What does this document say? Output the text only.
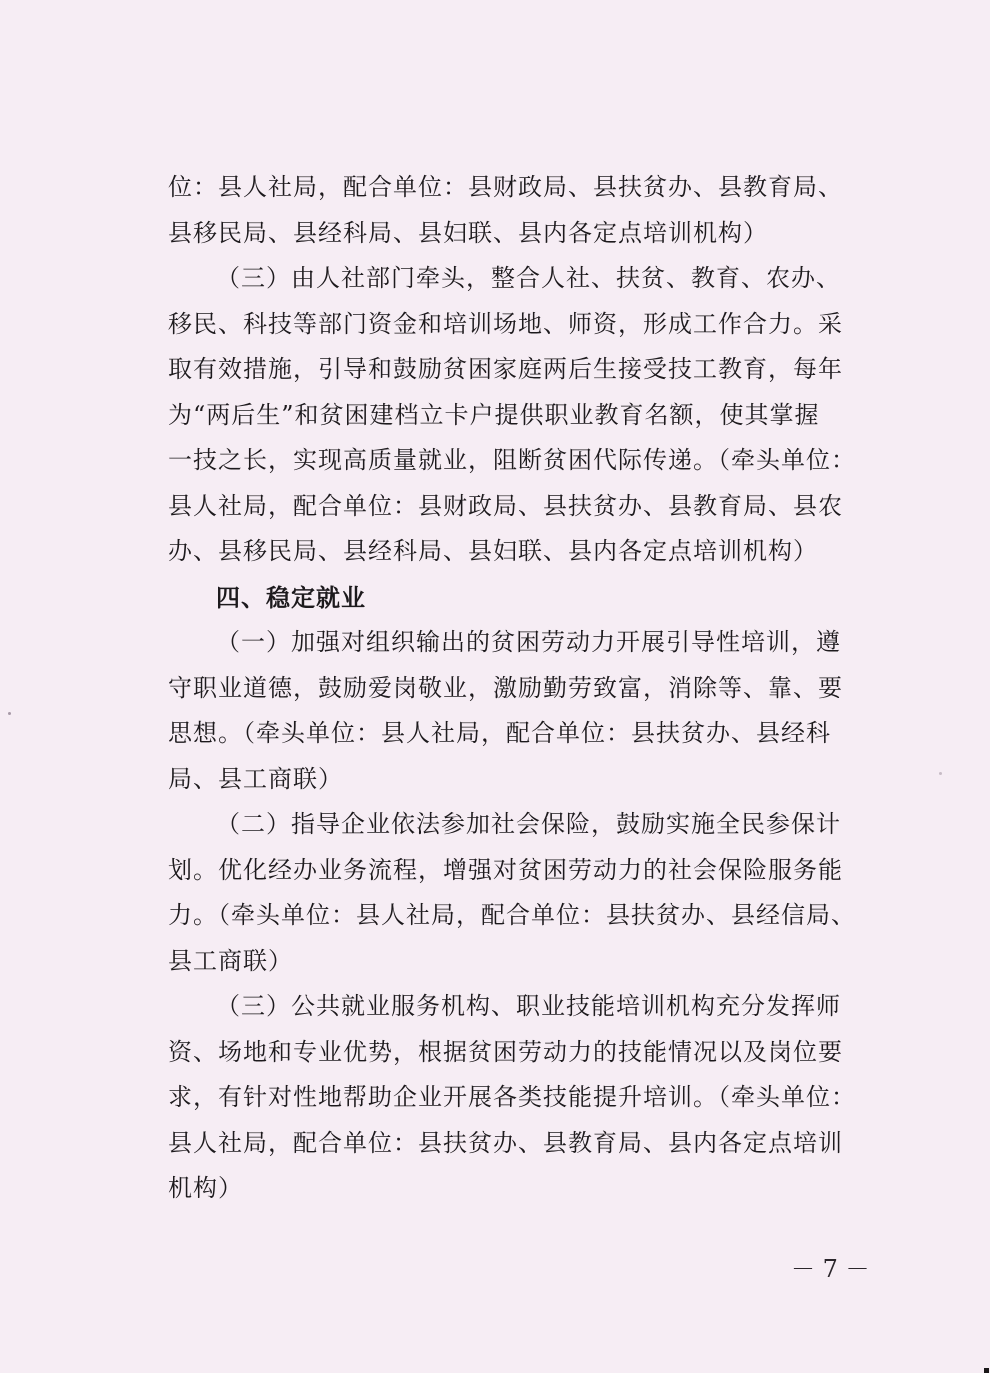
位：县人社局，配合单位：县财政局、县扶贫办、县教育局、
县移民局、县经科局、县妇联、县内各定点培训机构）

（三）由人社部门牵头，整合人社、扶贫、教育、农办、
移民、科技等部门资金和培训场地、师资，形成工作合力。采
取有效措施，引导和鼓励贫困家庭两后生接受技工教育，每年
为“两后生”和贫困建档立卡户提供职业教育名额，使其掌握
一技之长，实现高质量就业，阻断贫困代际传递。（牵头单位：
县人社局，配合单位：县财政局、县扶贫办、县教育局、县农
办、县移民局、县经科局、县妇联、县内各定点培训机构）

四、稳定就业

（一）加强对组织输出的贫困劳动力开展引导性培训，遵
守职业道德，鼓励爱岗敬业，激励勤劳致富，消除等、靠、要
思想。（牵头单位：县人社局，配合单位：县扶贫办、县经科
局、县工商联）

（二）指导企业依法参加社会保险，鼓励实施全民参保计
划。优化经办业务流程，增强对贫困劳动力的社会保险服务能
力。（牵头单位：县人社局，配合单位：县扶贫办、县经信局、
县工商联）

（三）公共就业服务机构、职业技能培训机构充分发挥师
资、场地和专业优势，根据贫困劳动力的技能情况以及岗位要
求，有针对性地帮助企业开展各类技能提升培训。（牵头单位：
县人社局，配合单位：县扶贫办、县教育局、县内各定点培训
机构）

－ 7 －
